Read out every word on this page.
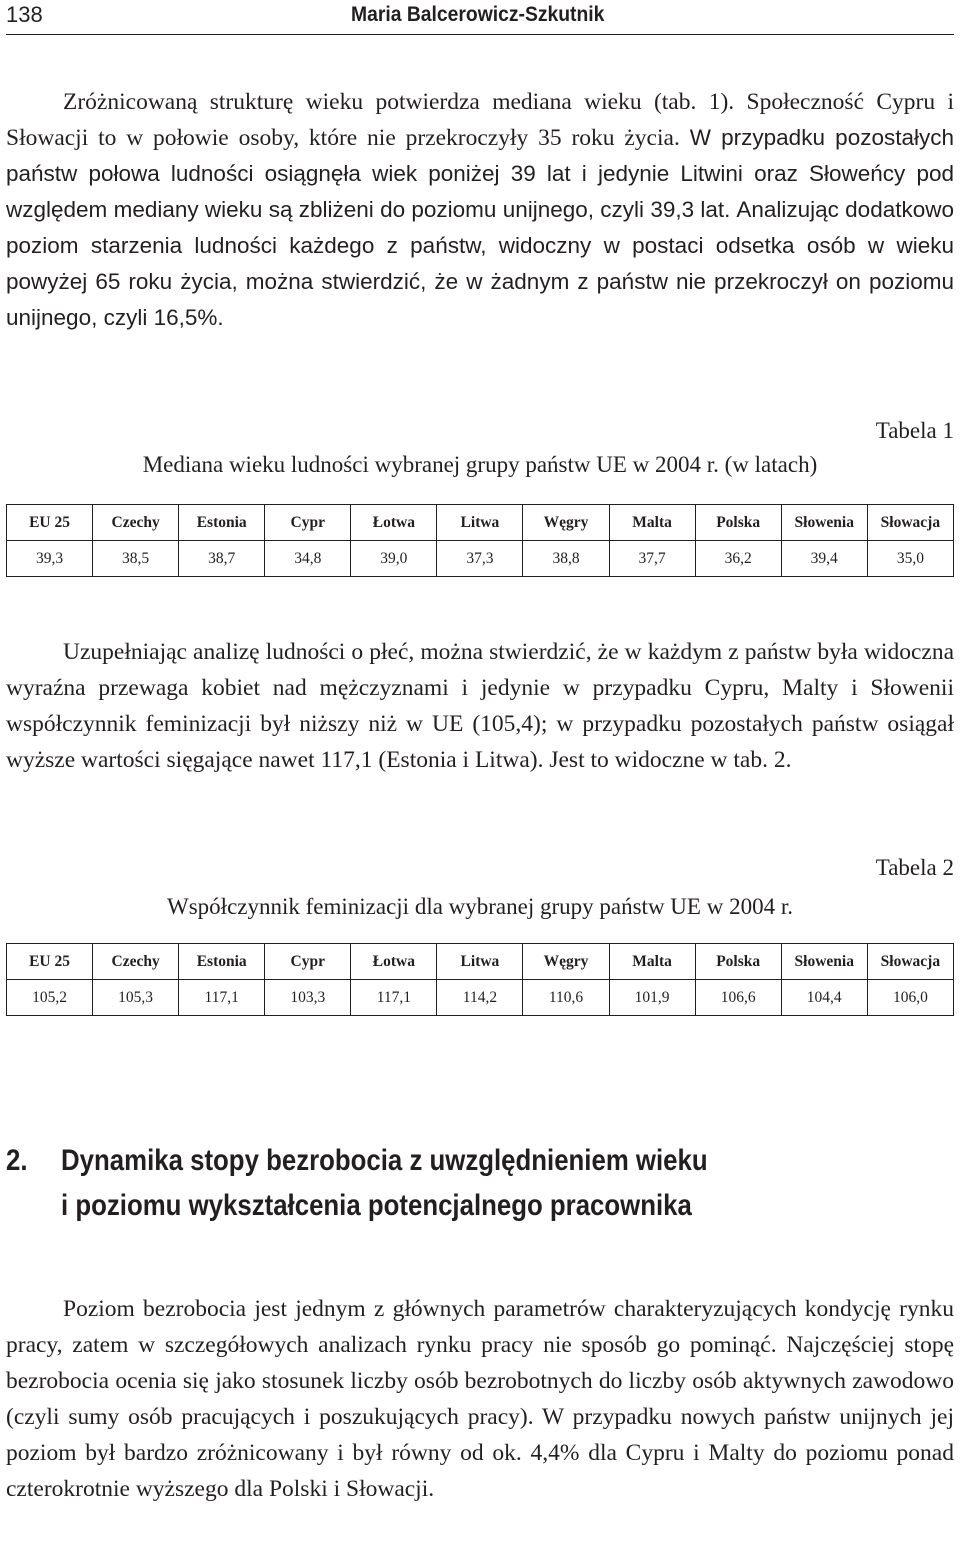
138	Maria Balcerowicz-Szkutnik

Zróżnicowaną strukturę wieku potwierdza mediana wieku (tab. 1). Społeczność Cypru i Słowacji to w połowie osoby, które nie przekroczyły 35 roku życia. W przypadku pozostałych państw połowa ludności osiągnęła wiek poniżej 39 lat i jedynie Litwini oraz Słoweńcy pod względem mediany wieku są zbliżeni do poziomu unijnego, czyli 39,3 lat. Analizując dodatkowo poziom starzenia ludności każdego z państw, widoczny w postaci odsetka osób w wieku powyżej 65 roku życia, można stwierdzić, że w żadnym z państw nie przekroczył on poziomu unijnego, czyli 16,5%.

Tabela 1

Mediana wieku ludności wybranej grupy państw UE w 2004 r. (w latach)

EU 25	Czechy	Estonia	Cypr	Łotwa	Litwa	Węgry	Malta	Polska	Słowenia	Słowacja
39,3	38,5	38,7	34,8	39,0	37,3	38,8	37,7	36,2	39,4	35,0

Uzupełniając analizę ludności o płeć, można stwierdzić, że w każdym z państw była widoczna wyraźna przewaga kobiet nad mężczyznami i jedynie w przypadku Cypru, Malty i Słowenii współczynnik feminizacji był niższy niż w UE (105,4); w przypadku pozostałych państw osiągał wyższe wartości sięgające nawet 117,1 (Estonia i Litwa). Jest to widoczne w tab. 2.

Tabela 2

Współczynnik feminizacji dla wybranej grupy państw UE w 2004 r.

EU 25	Czechy	Estonia	Cypr	Łotwa	Litwa	Węgry	Malta	Polska	Słowenia	Słowacja
105,2	105,3	117,1	103,3	117,1	114,2	110,6	101,9	106,6	104,4	106,0
2. Dynamika stopy bezrobocia z uwzględnieniem wieku
i poziomu wykształcenia potencjalnego pracownika

Poziom bezrobocia jest jednym z głównych parametrów charakteryzujących kondycję rynku pracy, zatem w szczegółowych analizach rynku pracy nie sposób go pominąć. Najczęściej stopę bezrobocia ocenia się jako stosunek liczby osób bezrobotnych do liczby osób aktywnych zawodowo (czyli sumy osób pracujących i poszukujących pracy). W przypadku nowych państw unijnych jej poziom był bardzo zróżnicowany i był równy od ok. 4,4% dla Cypru i Malty do poziomu ponad czterokrotnie wyższego dla Polski i Słowacji.
